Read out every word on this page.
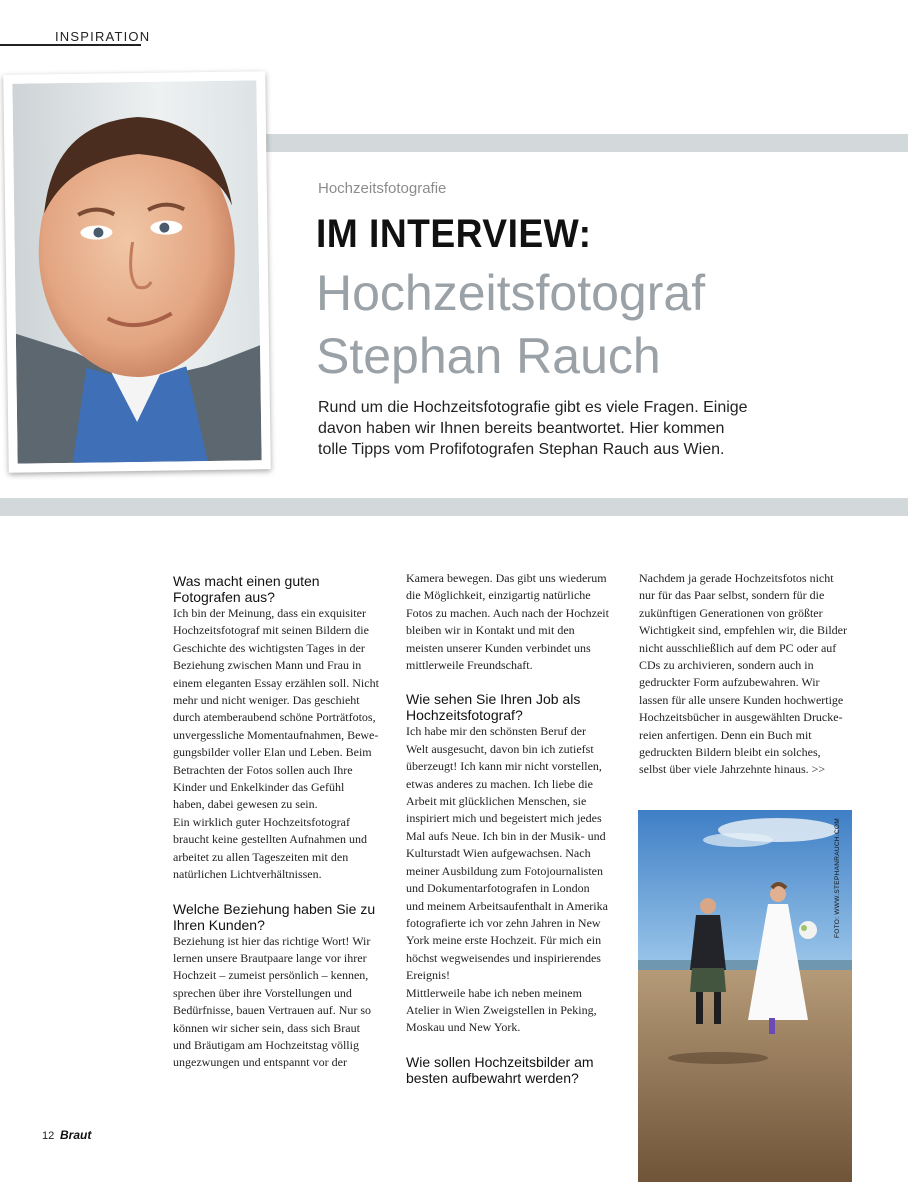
INSPIRATION
Hochzeitsfotografie
IM INTERVIEW:
Hochzeitsfotograf
Stephan Rauch
Rund um die Hochzeitsfotografie gibt es viele Fragen. Einige
davon haben wir Ihnen bereits beantwortet. Hier kommen
tolle Tipps vom Profifotografen Stephan Rauch aus Wien.
Was macht einen guten
Fotografen aus?

Ich bin der Meinung, dass ein exquisiter
Hochzeitsfotograf mit seinen Bildern die
Geschichte des wichtigsten Tages in der
Beziehung zwischen Mann und Frau in
einem eleganten Essay erzählen soll. Nicht
mehr und nicht weniger. Das geschieht
durch atemberaubend schöne Porträtfotos,
unvergessliche Momentaufnahmen, Bewe-
gungsbilder voller Elan und Leben. Beim
Betrachten der Fotos sollen auch Ihre
Kinder und Enkelkinder das Gefühl
haben, dabei gewesen zu sein.
Ein wirklich guter Hochzeitsfotograf
braucht keine gestellten Aufnahmen und
arbeitet zu allen Tageszeiten mit den
natürlichen Lichtverhältnissen.

Welche Beziehung haben Sie zu
Ihren Kunden?

Beziehung ist hier das richtige Wort! Wir
lernen unsere Brautpaare lange vor ihrer
Hochzeit – zumeist persönlich – kennen,
sprechen über ihre Vorstellungen und
Bedürfnisse, bauen Vertrauen auf. Nur so
können wir sicher sein, dass sich Braut
und Bräutigam am Hochzeitstag völlig
ungezwungen und entspannt vor der

Kamera bewegen. Das gibt uns wiederum
die Möglichkeit, einzigartig natürliche
Fotos zu machen. Auch nach der Hochzeit
bleiben wir in Kontakt und mit den
meisten unserer Kunden verbindet uns
mittlerweile Freundschaft.

Wie sehen Sie Ihren Job als
Hochzeitsfotograf?

Ich habe mir den schönsten Beruf der
Welt ausgesucht, davon bin ich zutiefst
überzeugt! Ich kann mir nicht vorstellen,
etwas anderes zu machen. Ich liebe die
Arbeit mit glücklichen Menschen, sie
inspiriert mich und begeistert mich jedes
Mal aufs Neue. Ich bin in der Musik- und
Kulturstadt Wien aufgewachsen. Nach
meiner Ausbildung zum Fotojournalisten
und Dokumentarfotografen in London
und meinem Arbeitsaufenthalt in Amerika
fotografierte ich vor zehn Jahren in New
York meine erste Hochzeit. Für mich ein
höchst wegweisendes und inspirierendes
Ereignis!
Mittlerweile habe ich neben meinem
Atelier in Wien Zweigstellen in Peking,
Moskau und New York.

Wie sollen Hochzeitsbilder am
besten aufbewahrt werden?

Nachdem ja gerade Hochzeitsfotos nicht
nur für das Paar selbst, sondern für die
zukünftigen Generationen von größter
Wichtigkeit sind, empfehlen wir, die Bilder
nicht ausschließlich auf dem PC oder auf
CDs zu archivieren, sondern auch in
gedruckter Form aufzubewahren. Wir
lassen für alle unsere Kunden hochwertige
Hochzeitsbücher in ausgewählten Drucke-
reien anfertigen. Denn ein Buch mit
gedruckten Bildern bleibt ein solches,
selbst über viele Jahrzehnte hinaus. >>

FOTO: WWW.STEPHANRAUCH.COM
12 Braut
